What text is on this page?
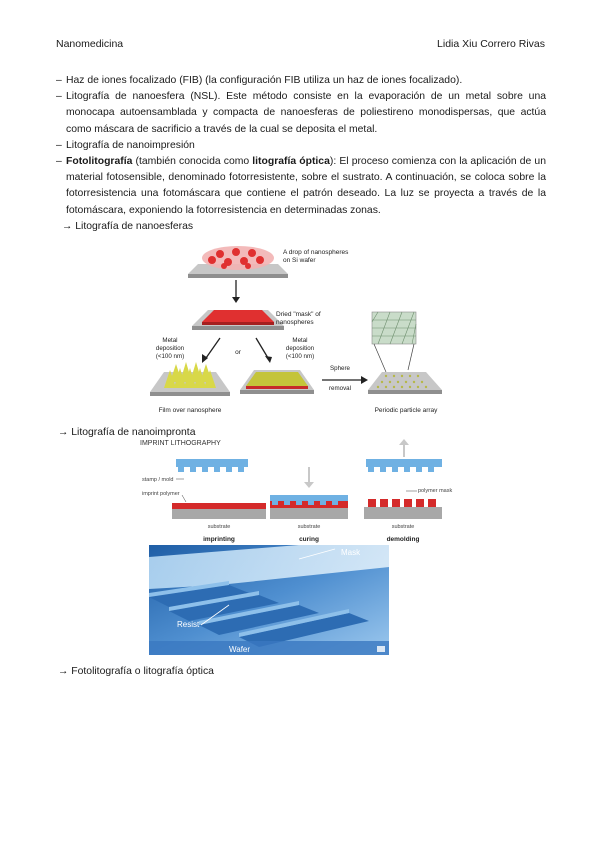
Nanomedicina	Lidia Xiu Correro Rivas
– Haz de iones focalizado (FIB) (la configuración FIB utiliza un haz de iones focalizado).
– Litografía de nanoesfera (NSL). Este método consiste en la evaporación de un metal sobre una monocapa autoensamblada y compacta de nanoesferas de poliestireno monodispersas, que actúa como máscara de sacrificio a través de la cual se deposita el metal.
– Litografía de nanoimpresión
– Fotolitografía (también conocida como litografía óptica): El proceso comienza con la aplicación de un material fotosensible, denominado fotorresistente, sobre el sustrato. A continuación, se coloca sobre la fotorresistencia una fotomáscara que contiene el patrón deseado. La luz se proyecta a través de la fotomáscara, exponiendo la fotorresistencia en determinadas zonas.
→ Litografía de nanoesferas
A drop of nanospheres
on Si wafer
Dried "mask" of
nanospheres
Metal
deposition
(<100 nm)
or
Metal
deposition
(<100 nm)
Sphere
removal
Film over nanosphere	Periodic particle array
→ Litografía de nanoimpronta
IMPRINT LITHOGRAPHY
stamp / mold
imprint polymer
substrate
imprinting
substrate
curing
polymer mask
substrate
demolding
Mask
Resist
Wafer
→ Fotolitografía o litografía óptica
